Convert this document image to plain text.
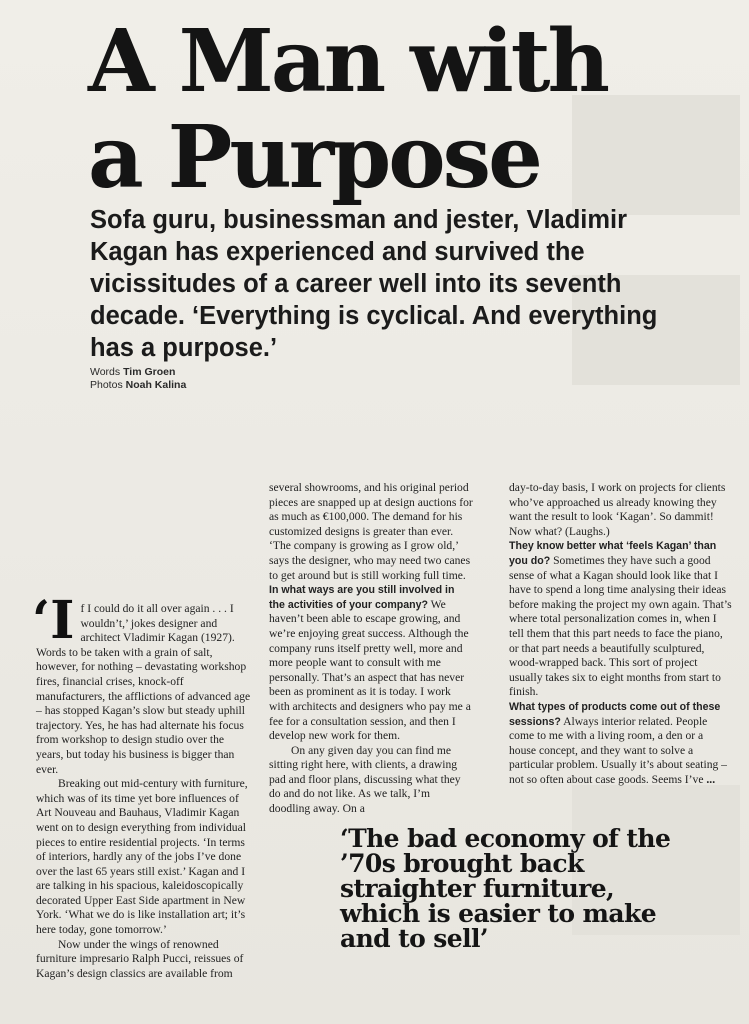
A Man with
a Purpose

Sofa guru, businessman and jester, Vladimir Kagan has experienced and survived the vicissitudes of a career well into its seventh decade. ‘Everything is cyclical. And everything has a purpose.’

Words Tim Groen
Photos Noah Kalina

‘If I could do it all over again . . . I wouldn’t,’ jokes designer and architect Vladimir Kagan (1927). Words to be taken with a grain of salt, however, for nothing – devastating workshop fires, financial crises, knock-off manufacturers, the afflictions of advanced age – has stopped Kagan’s slow but steady uphill trajectory. Yes, he has had alternate his focus from workshop to design studio over the years, but today his business is bigger than ever.

Breaking out mid-century with furniture, which was of its time yet bore influences of Art Nouveau and Bauhaus, Vladimir Kagan went on to design everything from individual pieces to entire residential projects. ‘In terms of interiors, hardly any of the jobs I’ve done over the last 65 years still exist.’ Kagan and I are talking in his spacious, kaleidoscopically decorated Upper East Side apartment in New York. ‘What we do is like installation art; it’s here today, gone tomorrow.’

Now under the wings of renowned furniture impresario Ralph Pucci, reissues of Kagan’s design classics are available from

several showrooms, and his original period pieces are snapped up at design auctions for as much as €100,000. The demand for his customized designs is greater than ever. ‘The company is growing as I grow old,’ says the designer, who may need two canes to get around but is still working full time.

In what ways are you still involved in the activities of your company? We haven’t been able to escape growing, and we’re enjoying great success. Although the company runs itself pretty well, more and more people want to consult with me personally. That’s an aspect that has never been as prominent as it is today. I work with architects and designers who pay me a fee for a consultation session, and then I develop new work for them.

On any given day you can find me sitting right here, with clients, a drawing pad and floor plans, discussing what they do and do not like. As we talk, I’m doodling away. On a

day-to-day basis, I work on projects for clients who’ve approached us already knowing they want the result to look ‘Kagan’. So dammit! Now what? (Laughs.)

They know better what ‘feels Kagan’ than you do? Sometimes they have such a good sense of what a Kagan should look like that I have to spend a long time analysing their ideas before making the project my own again. That’s where total personalization comes in, when I tell them that this part needs to face the piano, or that part needs a beautifully sculptured, wood-wrapped back. This sort of project usually takes six to eight months from start to finish.

What types of products come out of these sessions? Always interior related. People come to me with a living room, a den or a house concept, and they want to solve a particular problem. Usually it’s about seating – not so often about case goods. Seems I’ve ...

‘The bad economy of the ’70s brought back straighter furniture, which is easier to make and to sell’
